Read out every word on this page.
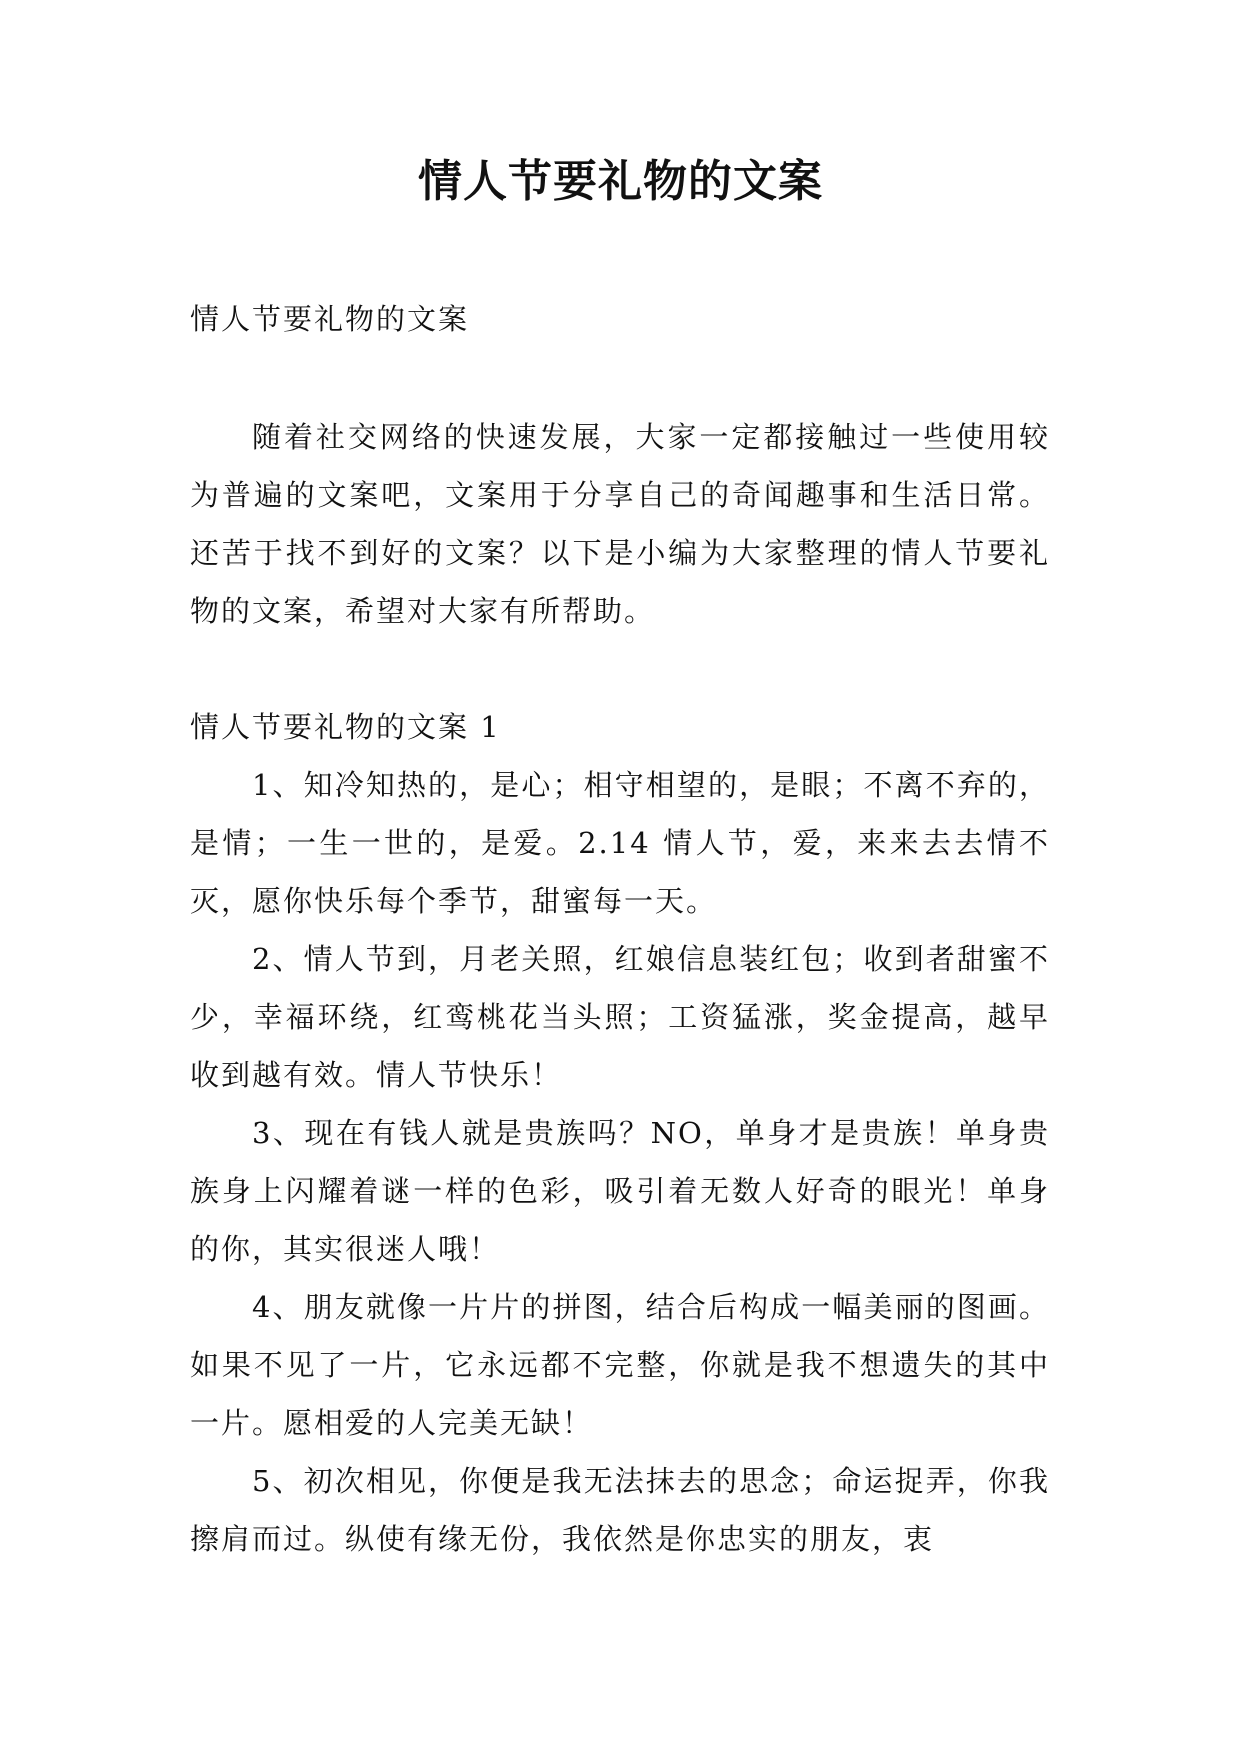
情人节要礼物的文案

情人节要礼物的文案

随着社交网络的快速发展，大家一定都接触过一些使用较为普遍的文案吧，文案用于分享自己的奇闻趣事和生活日常。还苦于找不到好的文案？以下是小编为大家整理的情人节要礼物的文案，希望对大家有所帮助。

情人节要礼物的文案 1

1、知冷知热的，是心；相守相望的，是眼；不离不弃的，是情；一生一世的，是爱。2.14 情人节，爱，来来去去情不灭，愿你快乐每个季节，甜蜜每一天。

2、情人节到，月老关照，红娘信息装红包；收到者甜蜜不少，幸福环绕，红鸾桃花当头照；工资猛涨，奖金提高，越早收到越有效。情人节快乐！

3、现在有钱人就是贵族吗？NO，单身才是贵族！单身贵族身上闪耀着谜一样的色彩，吸引着无数人好奇的眼光！单身的你，其实很迷人哦！

4、朋友就像一片片的拼图，结合后构成一幅美丽的图画。如果不见了一片，它永远都不完整，你就是我不想遗失的其中一片。愿相爱的人完美无缺！

5、初次相见，你便是我无法抹去的思念；命运捉弄，你我擦肩而过。纵使有缘无份，我依然是你忠实的朋友，衷
